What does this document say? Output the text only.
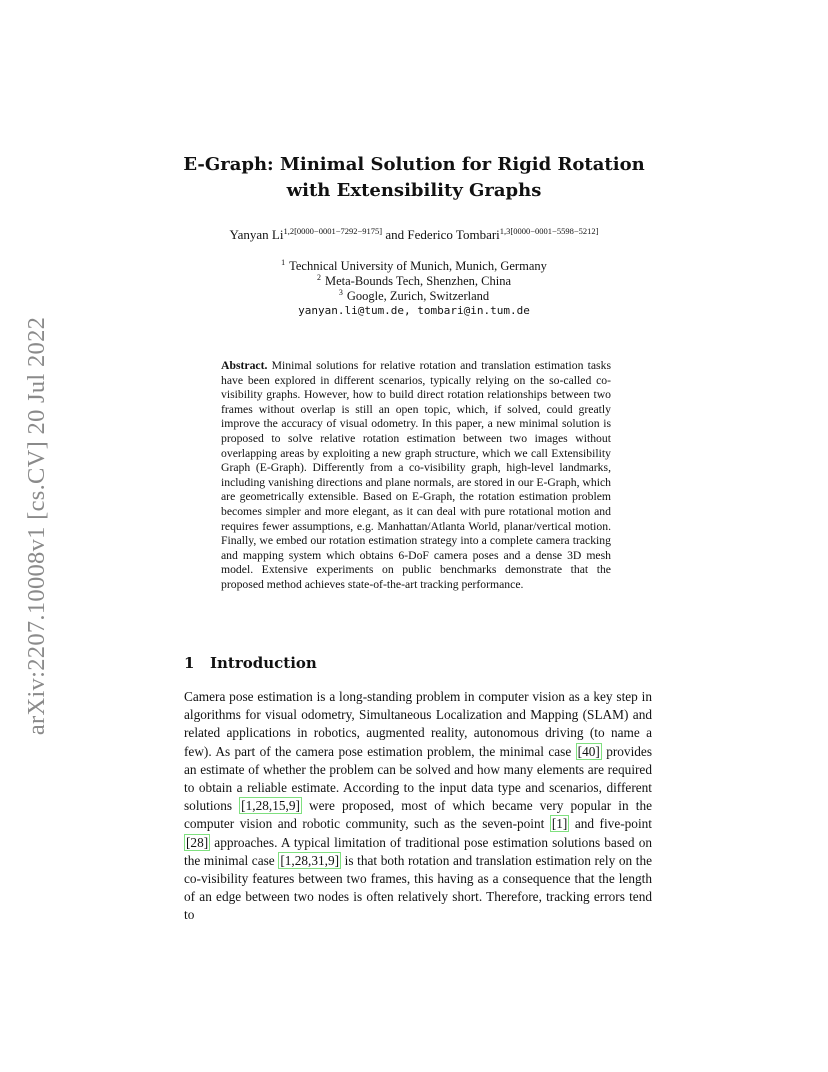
arXiv:2207.10008v1 [cs.CV] 20 Jul 2022
E-Graph: Minimal Solution for Rigid Rotation
with Extensibility Graphs
Yanyan $Li^{1,2[0000-0001-7292-9175]}$ and Federico Tombari$^{1,3[0000-0001-5598-5212]}$
$^1$ Technical University of Munich, Munich, Germany
$^2$ Meta-Bounds Tech, Shenzhen, China
$^3$ Google, Zurich, Switzerland
yanyan.li@tum.de, tombari@in.tum.de

Abstract. Minimal solutions for relative rotation and translation estimation tasks have been explored in different scenarios, typically relying on the so-called co-visibility graphs. However, how to build direct rotation relationships between two frames without overlap is still an open topic, which, if solved, could greatly improve the accuracy of visual odometry. In this paper, a new minimal solution is proposed to solve relative rotation estimation between two images without overlapping areas by exploiting a new graph structure, which we call Extensibility Graph (E-Graph). Differently from a co-visibility graph, high-level landmarks, including vanishing directions and plane normals, are stored in our E-Graph, which are geometrically extensible. Based on E-Graph, the rotation estimation problem becomes simpler and more elegant, as it can deal with pure rotational motion and requires fewer assumptions, e.g. Manhattan/Atlanta World, planar/vertical motion. Finally, we embed our rotation estimation strategy into a complete camera tracking and mapping system which obtains 6-DoF camera poses and a dense 3D mesh model. Extensive experiments on public benchmarks demonstrate that the proposed method achieves state-of-the-art tracking performance.

1 Introduction

Camera pose estimation is a long-standing problem in computer vision as a key step in algorithms for visual odometry, Simultaneous Localization and Mapping (SLAM) and related applications in robotics, augmented reality, autonomous driving (to name a few). As part of the camera pose estimation problem, the minimal case [40] provides an estimate of whether the problem can be solved and how many elements are required to obtain a reliable estimate. According to the input data type and scenarios, different solutions [1,28,15,9] were proposed, most of which became very popular in the computer vision and robotic community, such as the seven-point [1] and five-point [28] approaches. A typical limitation of traditional pose estimation solutions based on the minimal case [1,28,31,9] is that both rotation and translation estimation rely on the co-visibility features between two frames, this having as a consequence that the length of an edge between two nodes is often relatively short. Therefore, tracking errors tend to
